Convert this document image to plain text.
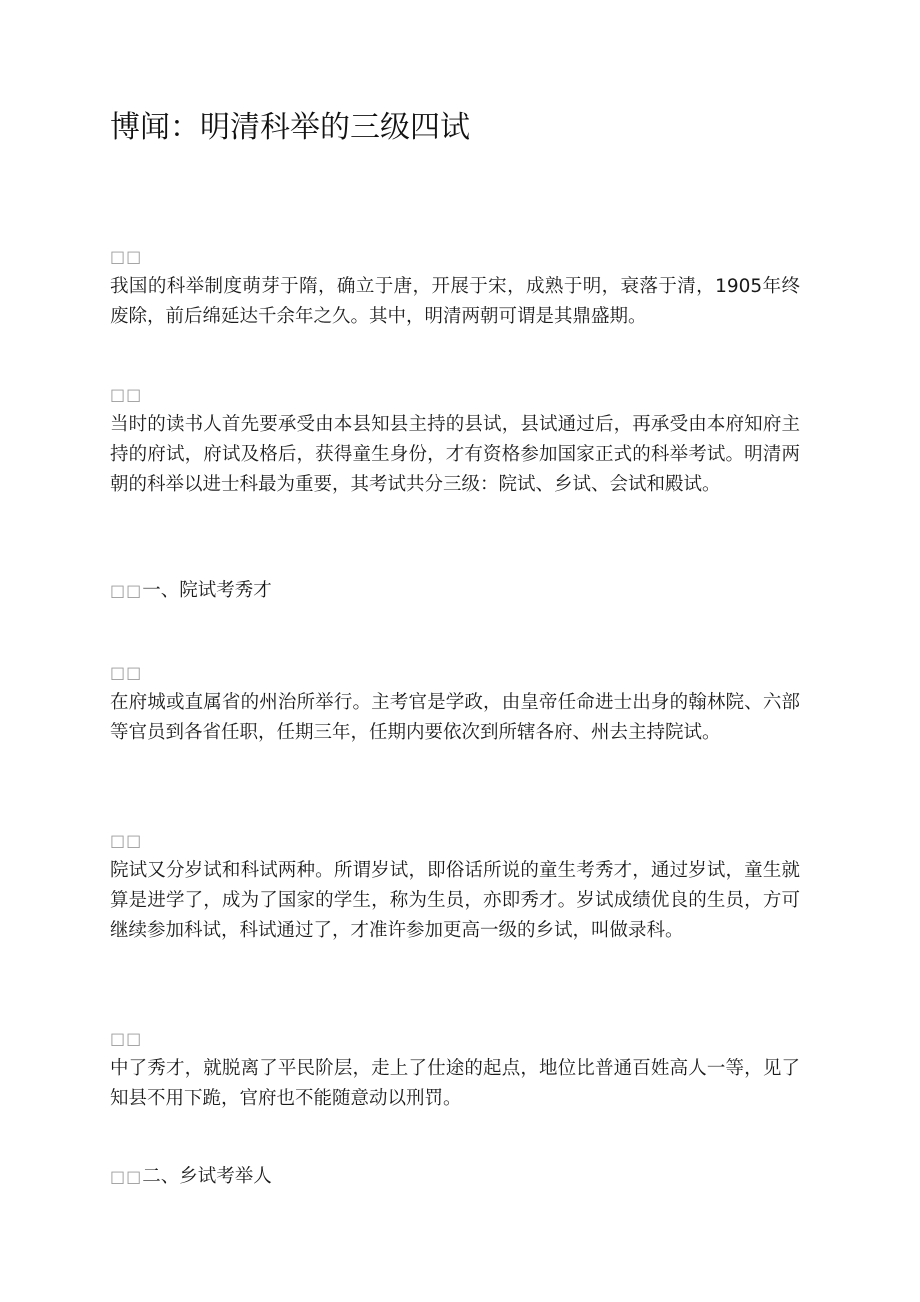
博闻：明清科举的三级四试
□□
我国的科举制度萌芽于隋，确立于唐，开展于宋，成熟于明，衰落于清，1905年终废除，前后绵延达千余年之久。其中，明清两朝可谓是其鼎盛期。
□□
当时的读书人首先要承受由本县知县主持的县试，县试通过后，再承受由本府知府主持的府试，府试及格后，获得童生身份，才有资格参加国家正式的科举考试。明清两朝的科举以进士科最为重要，其考试共分三级：院试、乡试、会试和殿试。
□□一、院试考秀才
□□
在府城或直属省的州治所举行。主考官是学政，由皇帝任命进士出身的翰林院、六部等官员到各省任职，任期三年，任期内要依次到所辖各府、州去主持院试。
□□
院试又分岁试和科试两种。所谓岁试，即俗话所说的童生考秀才，通过岁试，童生就算是进学了，成为了国家的学生，称为生员，亦即秀才。岁试成绩优良的生员，方可继续参加科试，科试通过了，才准许参加更高一级的乡试，叫做录科。
□□
中了秀才，就脱离了平民阶层，走上了仕途的起点，地位比普通百姓高人一等，见了知县不用下跪，官府也不能随意动以刑罚。
□□二、乡试考举人
